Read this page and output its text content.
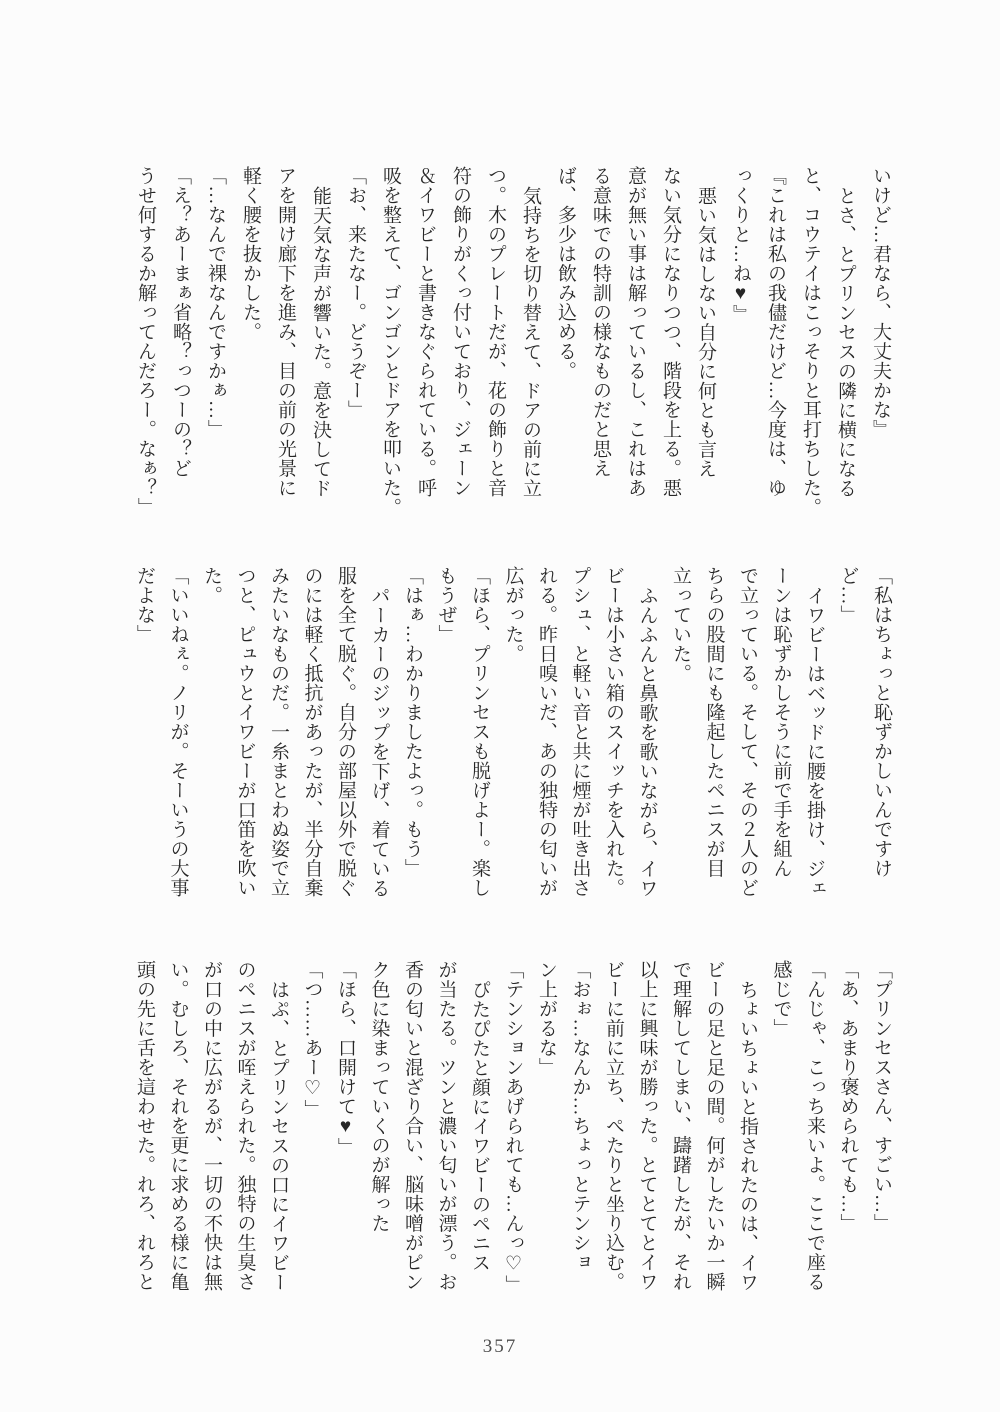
いけど…君なら、大丈夫かな』
とさ、とプリンセスの隣に横になる
と、コウテイはこっそりと耳打ちした。
『これは私の我儘だけど…今度は、ゆ
っくりと…ね♥』
悪い気はしない自分に何とも言え
ない気分になりつつ、階段を上る。悪
意が無い事は解っているし、これはあ
る意味での特訓の様なものだと思え
ば、多少は飲み込める。
気持ちを切り替えて、ドアの前に立
つ。木のプレートだが、花の飾りと音
符の飾りがくっ付いており、ジェーン
＆イワビーと書きなぐられている。呼
吸を整えて、ゴンゴンとドアを叩いた。
「お、来たなー。どうぞー」
能天気な声が響いた。意を決してド
アを開け廊下を進み、目の前の光景に
軽く腰を抜かした。
「…なんで裸なんですかぁ…」
「え？あーまぁ省略？っつーの？ど
うせ何するか解ってんだろー。なぁ？」
「私はちょっと恥ずかしいんですけ
ど…」
イワビーはベッドに腰を掛け、ジェ
ーンは恥ずかしそうに前で手を組ん
で立っている。そして、その２人のど
ちらの股間にも隆起したペニスが目
立っていた。
ふんふんと鼻歌を歌いながら、イワ
ビーは小さい箱のスイッチを入れた。
プシュ、と軽い音と共に煙が吐き出さ
れる。昨日嗅いだ、あの独特の匂いが
広がった。
「ほら、プリンセスも脱げよー。楽し
もうぜ」
「はぁ…わかりましたよっ。もう」
パーカーのジップを下げ、着ている
服を全て脱ぐ。自分の部屋以外で脱ぐ
のには軽く抵抗があったが、半分自棄
みたいなものだ。一糸まとわぬ姿で立
つと、ピュウとイワビーが口笛を吹い
た。
「いいねぇ。ノリが。そーいうの大事
だよな」
「プリンセスさん、すごい…」
「あ、あまり褒められても…」
「んじゃ、こっち来いよ。ここで座る
感じで」
ちょいちょいと指されたのは、イワ
ビーの足と足の間。何がしたいか一瞬
で理解してしまい、躊躇したが、それ
以上に興味が勝った。とてとてとイワ
ビーに前に立ち、ぺたりと坐り込む。
「おぉ…なんか…ちょっとテンショ
ン上がるな」
「テンションあげられても…んっ♡」
ぴたぴたと顔にイワビーのペニス
が当たる。ツンと濃い匂いが漂う。お
香の匂いと混ざり合い、脳味噌がピン
ク色に染まっていくのが解った
「ほら、口開けて♥」
「つ……あー♡」
はぷ、とプリンセスの口にイワビー
のペニスが咥えられた。独特の生臭さ
が口の中に広がるが、一切の不快は無
い。むしろ、それを更に求める様に亀
頭の先に舌を這わせた。れろ、れろと
357
